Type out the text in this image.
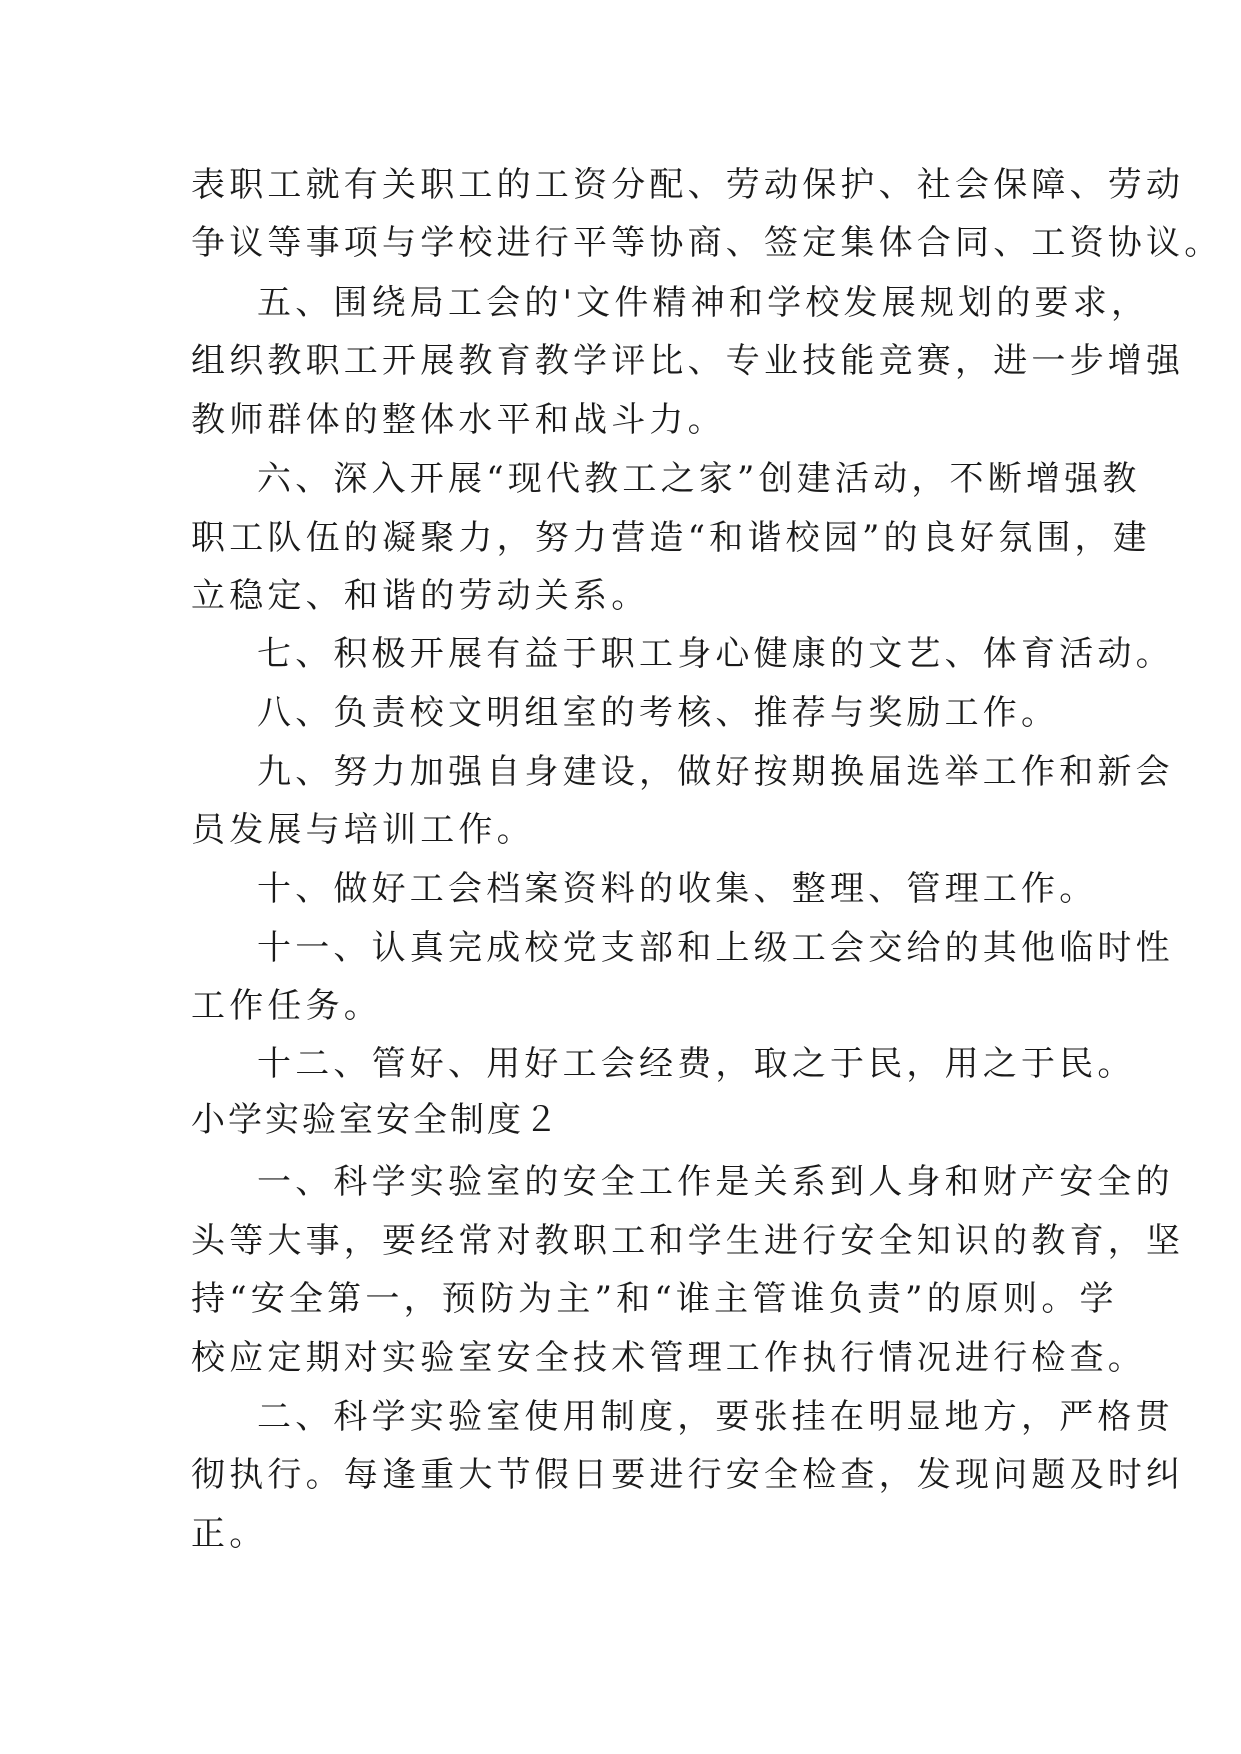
表职工就有关职工的工资分配、劳动保护、社会保障、劳动
争议等事项与学校进行平等协商、签定集体合同、工资协议。
五、围绕局工会的'文件精神和学校发展规划的要求，
组织教职工开展教育教学评比、专业技能竞赛，进一步增强
教师群体的整体水平和战斗力。
六、深入开展“现代教工之家”创建活动，不断增强教
职工队伍的凝聚力，努力营造“和谐校园”的良好氛围，建
立稳定、和谐的劳动关系。
七、积极开展有益于职工身心健康的文艺、体育活动。
八、负责校文明组室的考核、推荐与奖励工作。
九、努力加强自身建设，做好按期换届选举工作和新会
员发展与培训工作。
十、做好工会档案资料的收集、整理、管理工作。
十一、认真完成校党支部和上级工会交给的其他临时性
工作任务。
十二、管好、用好工会经费，取之于民，用之于民。
小学实验室安全制度２
一、科学实验室的安全工作是关系到人身和财产安全的
头等大事，要经常对教职工和学生进行安全知识的教育，坚
持“安全第一，预防为主”和“谁主管谁负责”的原则。学
校应定期对实验室安全技术管理工作执行情况进行检查。
二、科学实验室使用制度，要张挂在明显地方，严格贯
彻执行。每逢重大节假日要进行安全检查，发现问题及时纠
正。
